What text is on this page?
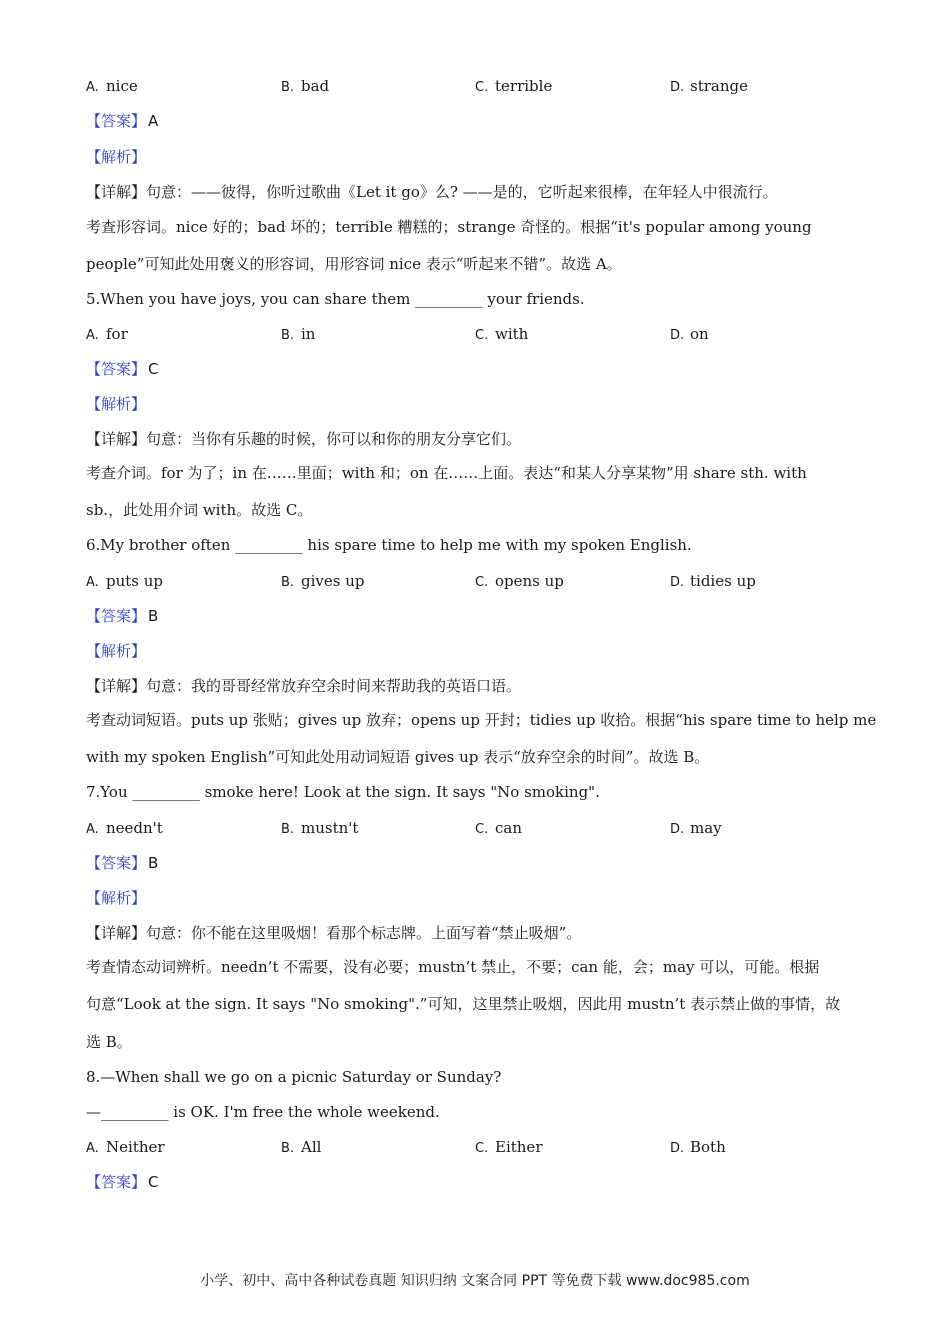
A. nice	B. bad	C. terrible	D. strange
【答案】 A
【解析】
【详解】句意：——彼得，你听过歌曲《Let it go》么? ——是的，它听起来很棒，在年轻人中很流行。
考查形容词。nice 好的；bad 坏的；terrible 糟糕的；strange 奇怪的。根据“it's popular among young
people”可知此处用褒义的形容词，用形容词 nice 表示“听起来不错”。故选 A。
5.When you have joys, you can share them _________ your friends.
A. for	B. in	C. with	D. on
【答案】 C
【解析】
【详解】句意：当你有乐趣的时候，你可以和你的朋友分享它们。
考查介词。for 为了；in 在……里面；with 和；on 在……上面。表达“和某人分享某物”用 share sth. with
sb.，此处用介词 with。故选 C。
6.My brother often _________ his spare time to help me with my spoken English.
A. puts up	B. gives up	C. opens up	D. tidies up
【答案】 B
【解析】
【详解】句意：我的哥哥经常放弃空余时间来帮助我的英语口语。
考查动词短语。puts up 张贴；gives up 放弃；opens up 开封；tidies up 收拾。根据“his spare time to help me
with my spoken English”可知此处用动词短语 gives up 表示“放弃空余的时间”。故选 B。
7.You _________ smoke here! Look at the sign. It says "No smoking".
A. needn't	B. mustn't	C. can	D. may
【答案】 B
【解析】
【详解】句意：你不能在这里吸烟！看那个标志牌。上面写着“禁止吸烟”。
考查情态动词辨析。needn’t 不需要，没有必要；mustn’t 禁止，不要；can 能，会；may 可以，可能。根据
句意“Look at the sign. It says "No smoking".”可知，这里禁止吸烟，因此用 mustn’t 表示禁止做的事情，故
选 B。
8.—When shall we go on a picnic Saturday or Sunday?
—_________ is OK. I'm free the whole weekend.
A. Neither	B. All	C. Either	D. Both
【答案】 C
小学、初中、高中各种试卷真题 知识归纳 文案合同 PPT 等免费下载 www.doc985.com
